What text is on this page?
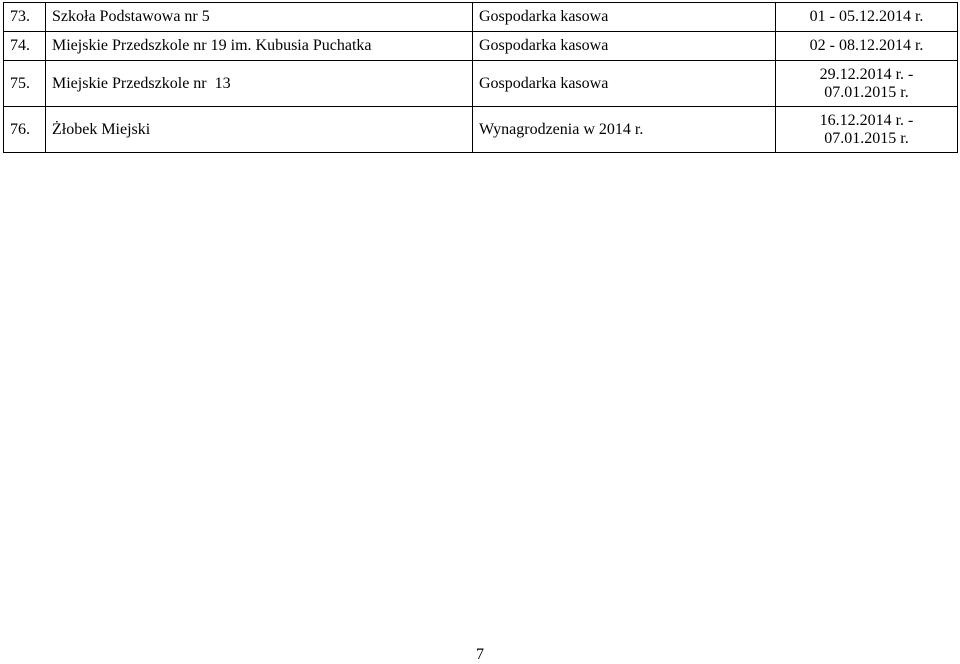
73.	Szkoła Podstawowa nr 5	Gospodarka kasowa	01 - 05.12.2014 r.
74.	Miejskie Przedszkole nr 19 im. Kubusia Puchatka	Gospodarka kasowa	02 - 08.12.2014 r.
75.	Miejskie Przedszkole nr  13	Gospodarka kasowa	29.12.2014 r. -
07.01.2015 r.

76.	Żłobek Miejski	Wynagrodzenia w 2014 r.	16.12.2014 r. -
07.01.2015 r.
7
